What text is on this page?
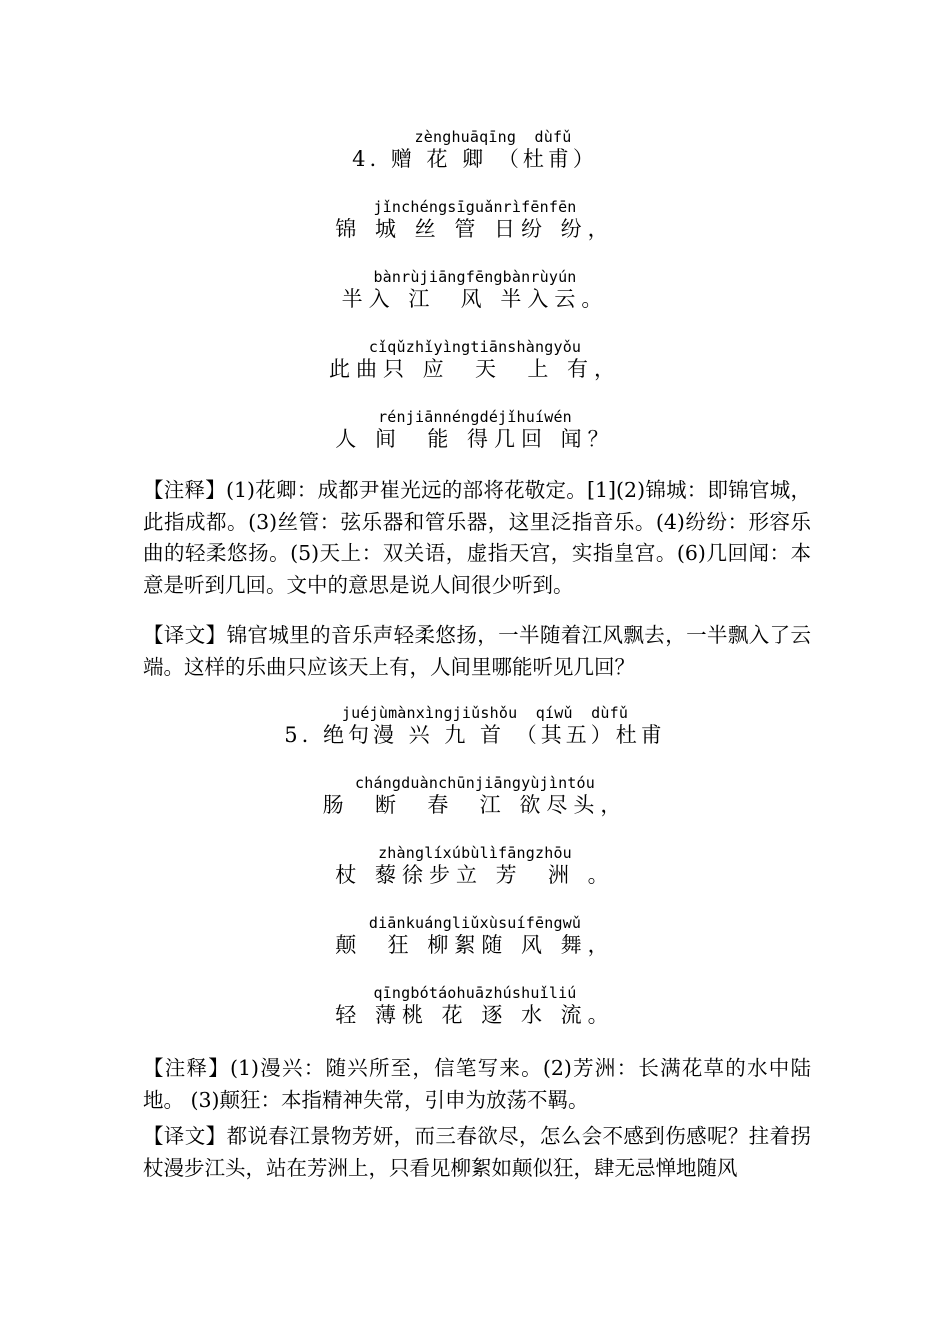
zènghuāqīng  dùfǔ
4. 赠 花 卿 （杜甫）
jǐnchéngsīguǎnrìfēnfēn
锦 城 丝 管 日纷 纷，
bànrùjiāngfēngbànrùyún
半入 江  风 半入云。
cǐqǔzhǐyìngtiānshàngyǒu
此曲只 应  天  上 有，
rénjiānnéngdéjǐhuíwén
人 间  能 得几回 闻？
【注释】(1)花卿：成都尹崔光远的部将花敬定。[1](2)锦城：即锦官城，此指成都。(3)丝管：弦乐器和管乐器，这里泛指音乐。(4)纷纷：形容乐曲的轻柔悠扬。(5)天上：双关语，虚指天宫，实指皇宫。(6)几回闻：本意是听到几回。文中的意思是说人间很少听到。
【译文】锦官城里的音乐声轻柔悠扬，一半随着江风飘去，一半飘入了云端。这样的乐曲只应该天上有，人间里哪能听见几回？
juéjùmànxìngjiǔshǒu  qíwǔ  dùfǔ
5. 绝句漫 兴 九 首 （其五）杜甫
chángduànchūnjiāngyùjìntóu
肠  断  春  江 欲尽头，
zhànglíxúbùlìfāngzhōu
杖 藜徐步立 芳  洲 。
diānkuángliǔxùsuífēngwǔ
颠  狂 柳絮随 风 舞，
qīngbótáohuāzhúshuǐliú
轻 薄桃 花 逐 水 流。
【注释】(1)漫兴：随兴所至，信笔写来。(2)芳洲：长满花草的水中陆地。 (3)颠狂：本指精神失常，引申为放荡不羁。
【译文】都说春江景物芳妍，而三春欲尽，怎么会不感到伤感呢？拄着拐杖漫步江头，站在芳洲上，只看见柳絮如颠似狂，肆无忌惮地随风
